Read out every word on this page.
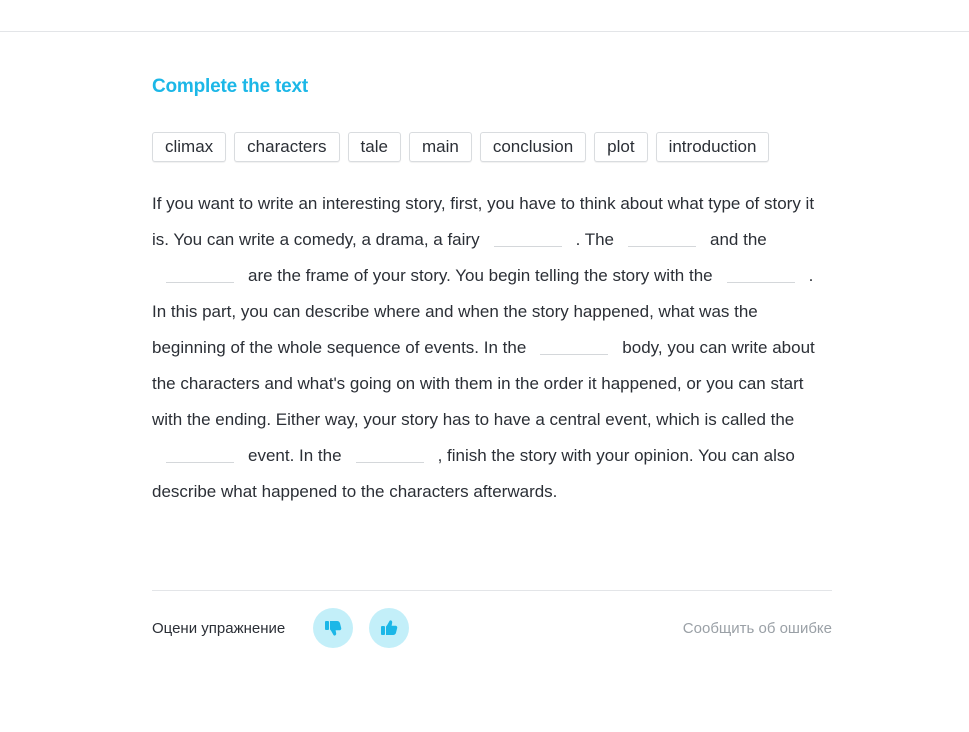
Complete the text
climax	characters	tale	main	conclusion	plot	introduction
If you want to write an interesting story, first, you have to think about what type of story it is. You can write a comedy, a drama, a fairy	. The	and theare the frame of your story. You begin telling the story with the	. In this part, you can describe where and when the story happened, what was the beginning of the whole sequence of events. In the	body, you can write about the characters and what's going on with them in the order it happened, or you can start with the ending. Either way, your story has to have a central event, which is called theevent. In the	, finish the story with your opinion. You can also describe what happened to the characters afterwards.
Оцени упражнение	Сообщить об ошибке
